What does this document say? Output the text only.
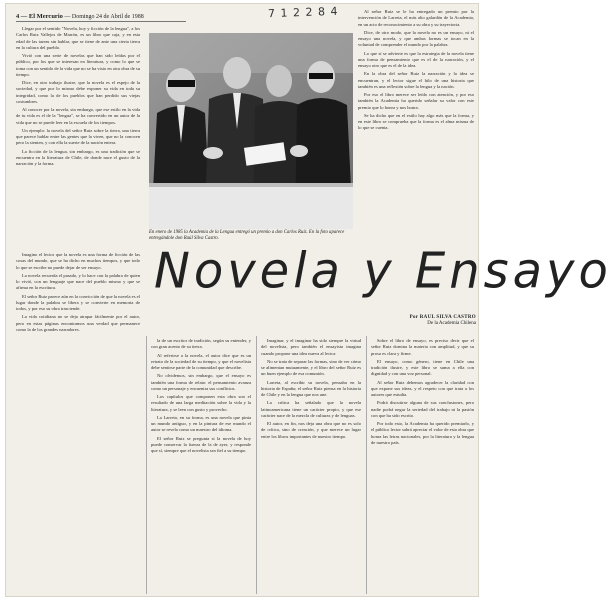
7 1 2 2 8 4
4 — El Mercurio — Domingo 24 de Abril de 1988

Llegar por el sentido "Novela, hoy y ficción de la lengua", a los Carlos Ruiz Vallejos de Marrón, es un libro que caja, y en esta edad de las tareas sin hablar, que se tiene de ante una cierta tierra en la cultura del pueblo.

Vivió con una serie de novelas que han sido leídas por el público, por los que se interesan en literatura, y como lo que se toma con un sentido de la vida que no se ha visto en otra obra de su tiempo.

Dice, en otro trabajo ilustre, que la novela es el espejo de la sociedad, y que por lo mismo debe exponer su vida en toda su integridad, como la de los pueblos que han perdido sus viejas costumbres.

Al conocer por la novela, sin embargo, que ese estilo en la vida de tu vida es el de la "lengua", se ha convertido en un autor de la vida que no se puede leer en la escuela de los tiempos.

Un ejemplo: la novela del señor Ruiz sobre la tierra, una tierra que parece hablar entre las gentes que la viven, que no la conocen pero la sienten, y con ella la suerte de la nación entera.

La ficción de la lengua, sin embargo, es una tradición que se encuentra en la literatura de Chile, de donde nace el gusto de la narración y la forma.

En enero de 1985 la Academia de la Lengua entregó un premio a don Carlos Ruiz. En la foto aparece entregándole don Raúl Silva Castro.

Al señor Ruiz se le ha entregado un premio por la intervención de Larreta, el más alto galardón de la Academia, en un acto de reconocimiento a su obra y su trayectoria.

Dice, de otro modo, que la novela no es un ensayo, ni el ensayo una novela, y que ambas formas se tocan en la voluntad de comprender el mundo por la palabra.

Lo que sí se advierte es que la estrategia de la novela tiene una forma de pensamiento que es el de la narración, y el ensayo otro que es el de la idea.

En la obra del señor Ruiz la narración y la idea se encuentran, y el lector sigue el hilo de una historia que también es una reflexión sobre la lengua y la nación.

Por eso el libro merece ser leído con atención, y por eso también la Academia ha querido señalar su valor con este premio que lo honra y nos honra.

Se ha dicho que en el estilo hay algo más que la forma, y en este libro se comprueba que la forma es el alma misma de lo que se cuenta.

Novela y Ensayo
Por RAUL SILVA CASTRO
De la Academia Chilena

Imagino el lector que la novela es una forma de ficción de las cosas del mundo, que se ha dicho en muchos tiempos, y que todo lo que se escribe no puede dejar de ser ensayo.

La novela recuerda el pasado, y lo hace con la palabra de quien lo vivió, con un lenguaje que nace del pueblo mismo y que se afirma en la escritura.

El señor Ruiz parece aún en la convicción de que la novela es el lugar donde la palabra se libera y se convierte en memoria de todos, y por eso su obra trasciende.

La vida cotidiana no se deja atrapar fácilmente por el autor, pero en estas páginas encontramos una verdad que permanece como la de los grandes narradores.

la de un escritor de tradición, según su entender, y con gran acento de su tierra.

Al referirse a la novela, el autor dice que es un retrato de la sociedad de su tiempo, y que el novelista debe sentirse parte de la comunidad que describe.

No olvidemos, sin embargo, que el ensayo es también una forma de relato: el pensamiento avanza como un personaje y encuentra sus conflictos.

Los capítulos que componen esta obra son el resultado de una larga meditación sobre la vida y la literatura, y se leen con gusto y provecho.

La Larreta, en su forma, es una novela que pinta un mundo antiguo, y en la pintura de ese mundo el autor se revela como un maestro del idioma.

El señor Ruiz se pregunta si la novela de hoy puede conservar la fuerza de la de ayer, y responde que sí, siempre que el novelista sea fiel a su tiempo.

Imaginar, y el imaginar ha sido siempre la virtud del novelista, pero también el ensayista imagina cuando propone una idea nueva al lector.

No se trata de separar las formas, sino de ver cómo se alimentan mutuamente, y el libro del señor Ruiz es un buen ejemplo de esa comunión.

Larreta, al escribir su novela, pensaba en la historia de España; el señor Ruiz piensa en la historia de Chile y en la lengua que nos une.

La crítica ha señalado que la novela latinoamericana tiene un carácter propio, y que ese carácter nace de la mezcla de culturas y de lenguas.

El autor, en fin, nos deja una obra que no es solo de crítica, sino de creación, y que merece un lugar entre los libros importantes de nuestro tiempo.

Sobre el libro de ensayo, es preciso decir que el señor Ruiz domina la materia con amplitud, y que su prosa es clara y firme.

El ensayo, como género, tiene en Chile una tradición ilustre, y este libro se suma a ella con dignidad y con una voz personal.

Al señor Ruiz debemos agradecer la claridad con que expone sus ideas, y el respeto con que trata a los autores que estudia.

Podrá discutirse alguna de sus conclusiones, pero nadie podrá negar la seriedad del trabajo ni la pasión con que ha sido escrito.

Por todo esto, la Academia ha querido premiarlo, y el público lector sabrá apreciar el valor de esta obra que honra las letras nacionales, por la literatura y la lengua de nuestro país.
